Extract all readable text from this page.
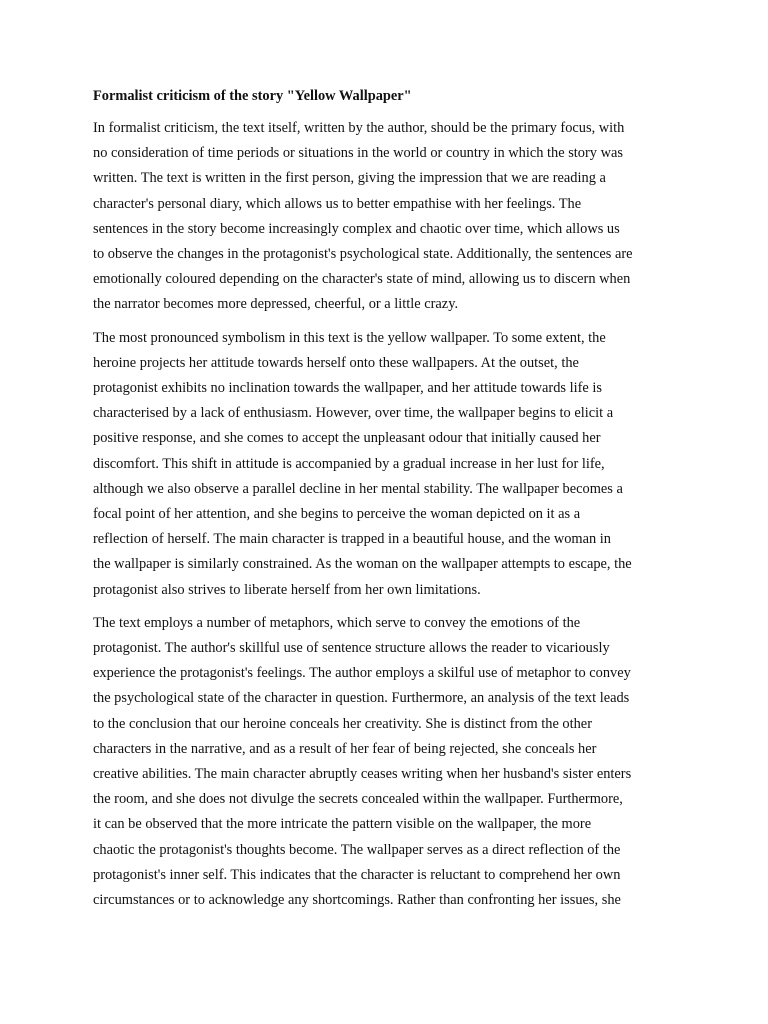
Formalist criticism of the story "Yellow Wallpaper"
In formalist criticism, the text itself, written by the author, should be the primary focus, with
no consideration of time periods or situations in the world or country in which the story was
written. The text is written in the first person, giving the impression that we are reading a
character's personal diary, which allows us to better empathise with her feelings. The
sentences in the story become increasingly complex and chaotic over time, which allows us
to observe the changes in the protagonist's psychological state. Additionally, the sentences are
emotionally coloured depending on the character's state of mind, allowing us to discern when
the narrator becomes more depressed, cheerful, or a little crazy.
The most pronounced symbolism in this text is the yellow wallpaper. To some extent, the
heroine projects her attitude towards herself onto these wallpapers. At the outset, the
protagonist exhibits no inclination towards the wallpaper, and her attitude towards life is
characterised by a lack of enthusiasm. However, over time, the wallpaper begins to elicit a
positive response, and she comes to accept the unpleasant odour that initially caused her
discomfort. This shift in attitude is accompanied by a gradual increase in her lust for life,
although we also observe a parallel decline in her mental stability. The wallpaper becomes a
focal point of her attention, and she begins to perceive the woman depicted on it as a
reflection of herself. The main character is trapped in a beautiful house, and the woman in
the wallpaper is similarly constrained. As the woman on the wallpaper attempts to escape, the
protagonist also strives to liberate herself from her own limitations.
The text employs a number of metaphors, which serve to convey the emotions of the
protagonist. The author's skillful use of sentence structure allows the reader to vicariously
experience the protagonist's feelings. The author employs a skilful use of metaphor to convey
the psychological state of the character in question. Furthermore, an analysis of the text leads
to the conclusion that our heroine conceals her creativity. She is distinct from the other
characters in the narrative, and as a result of her fear of being rejected, she conceals her
creative abilities. The main character abruptly ceases writing when her husband's sister enters
the room, and she does not divulge the secrets concealed within the wallpaper. Furthermore,
it can be observed that the more intricate the pattern visible on the wallpaper, the more
chaotic the protagonist's thoughts become. The wallpaper serves as a direct reflection of the
protagonist's inner self. This indicates that the character is reluctant to comprehend her own
circumstances or to acknowledge any shortcomings. Rather than confronting her issues, she
